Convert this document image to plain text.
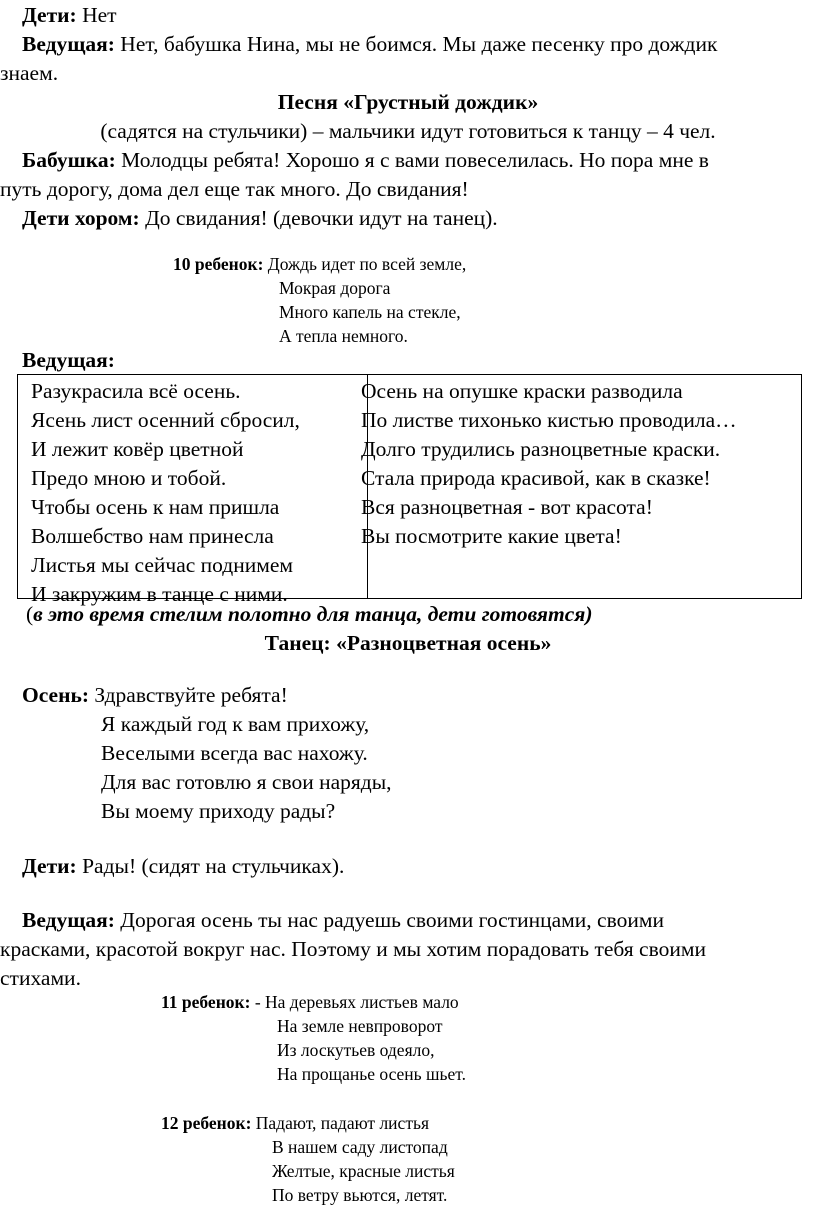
Дети: Нет
Ведущая: Нет, бабушка Нина, мы не боимся. Мы даже песенку про дождик
знаем.
Песня «Грустный дождик»
(садятся на стульчики) – мальчики идут готовиться к танцу – 4 чел.
Бабушка: Молодцы ребята! Хорошо я с вами повеселилась. Но пора мне в
путь дорогу, дома дел еще так много. До свидания!
Дети хором: До свидания! (девочки идут на танец).
10 ребенок: Дождь идет по всей земле,
Мокрая дорога
Много капель на стекле,
А тепла немного.
Ведущая:
Разукрасила всё осень.
Ясень лист осенний сбросил,
И лежит ковёр цветной
Предо мною и тобой.
Чтобы осень к нам пришла
Волшебство нам принесла
Листья мы сейчас поднимем
И закружим в танце с ними.
Осень на опушке краски разводила
По листве тихонько кистью проводила…
Долго трудились разноцветные краски.
Стала природа красивой, как в сказке!
Вся разноцветная - вот красота!
Вы посмотрите какие цвета!
(в это время стелим полотно для танца, дети готовятся)
Танец: «Разноцветная осень»
Осень: Здравствуйте ребята!
Я каждый год к вам прихожу,
Веселыми всегда вас нахожу.
Для вас готовлю я свои наряды,
Вы моему приходу рады?
Дети: Рады! (сидят на стульчиках).
Ведущая: Дорогая осень ты нас радуешь своими гостинцами, своими
красками, красотой вокруг нас. Поэтому и мы хотим порадовать тебя своими
стихами.
11 ребенок: - На деревьях листьев мало
На земле невпроворот
Из лоскутьев одеяло,
На прощанье осень шьет.
12 ребенок: Падают, падают листья
В нашем саду листопад
Желтые, красные листья
По ветру вьются, летят.
